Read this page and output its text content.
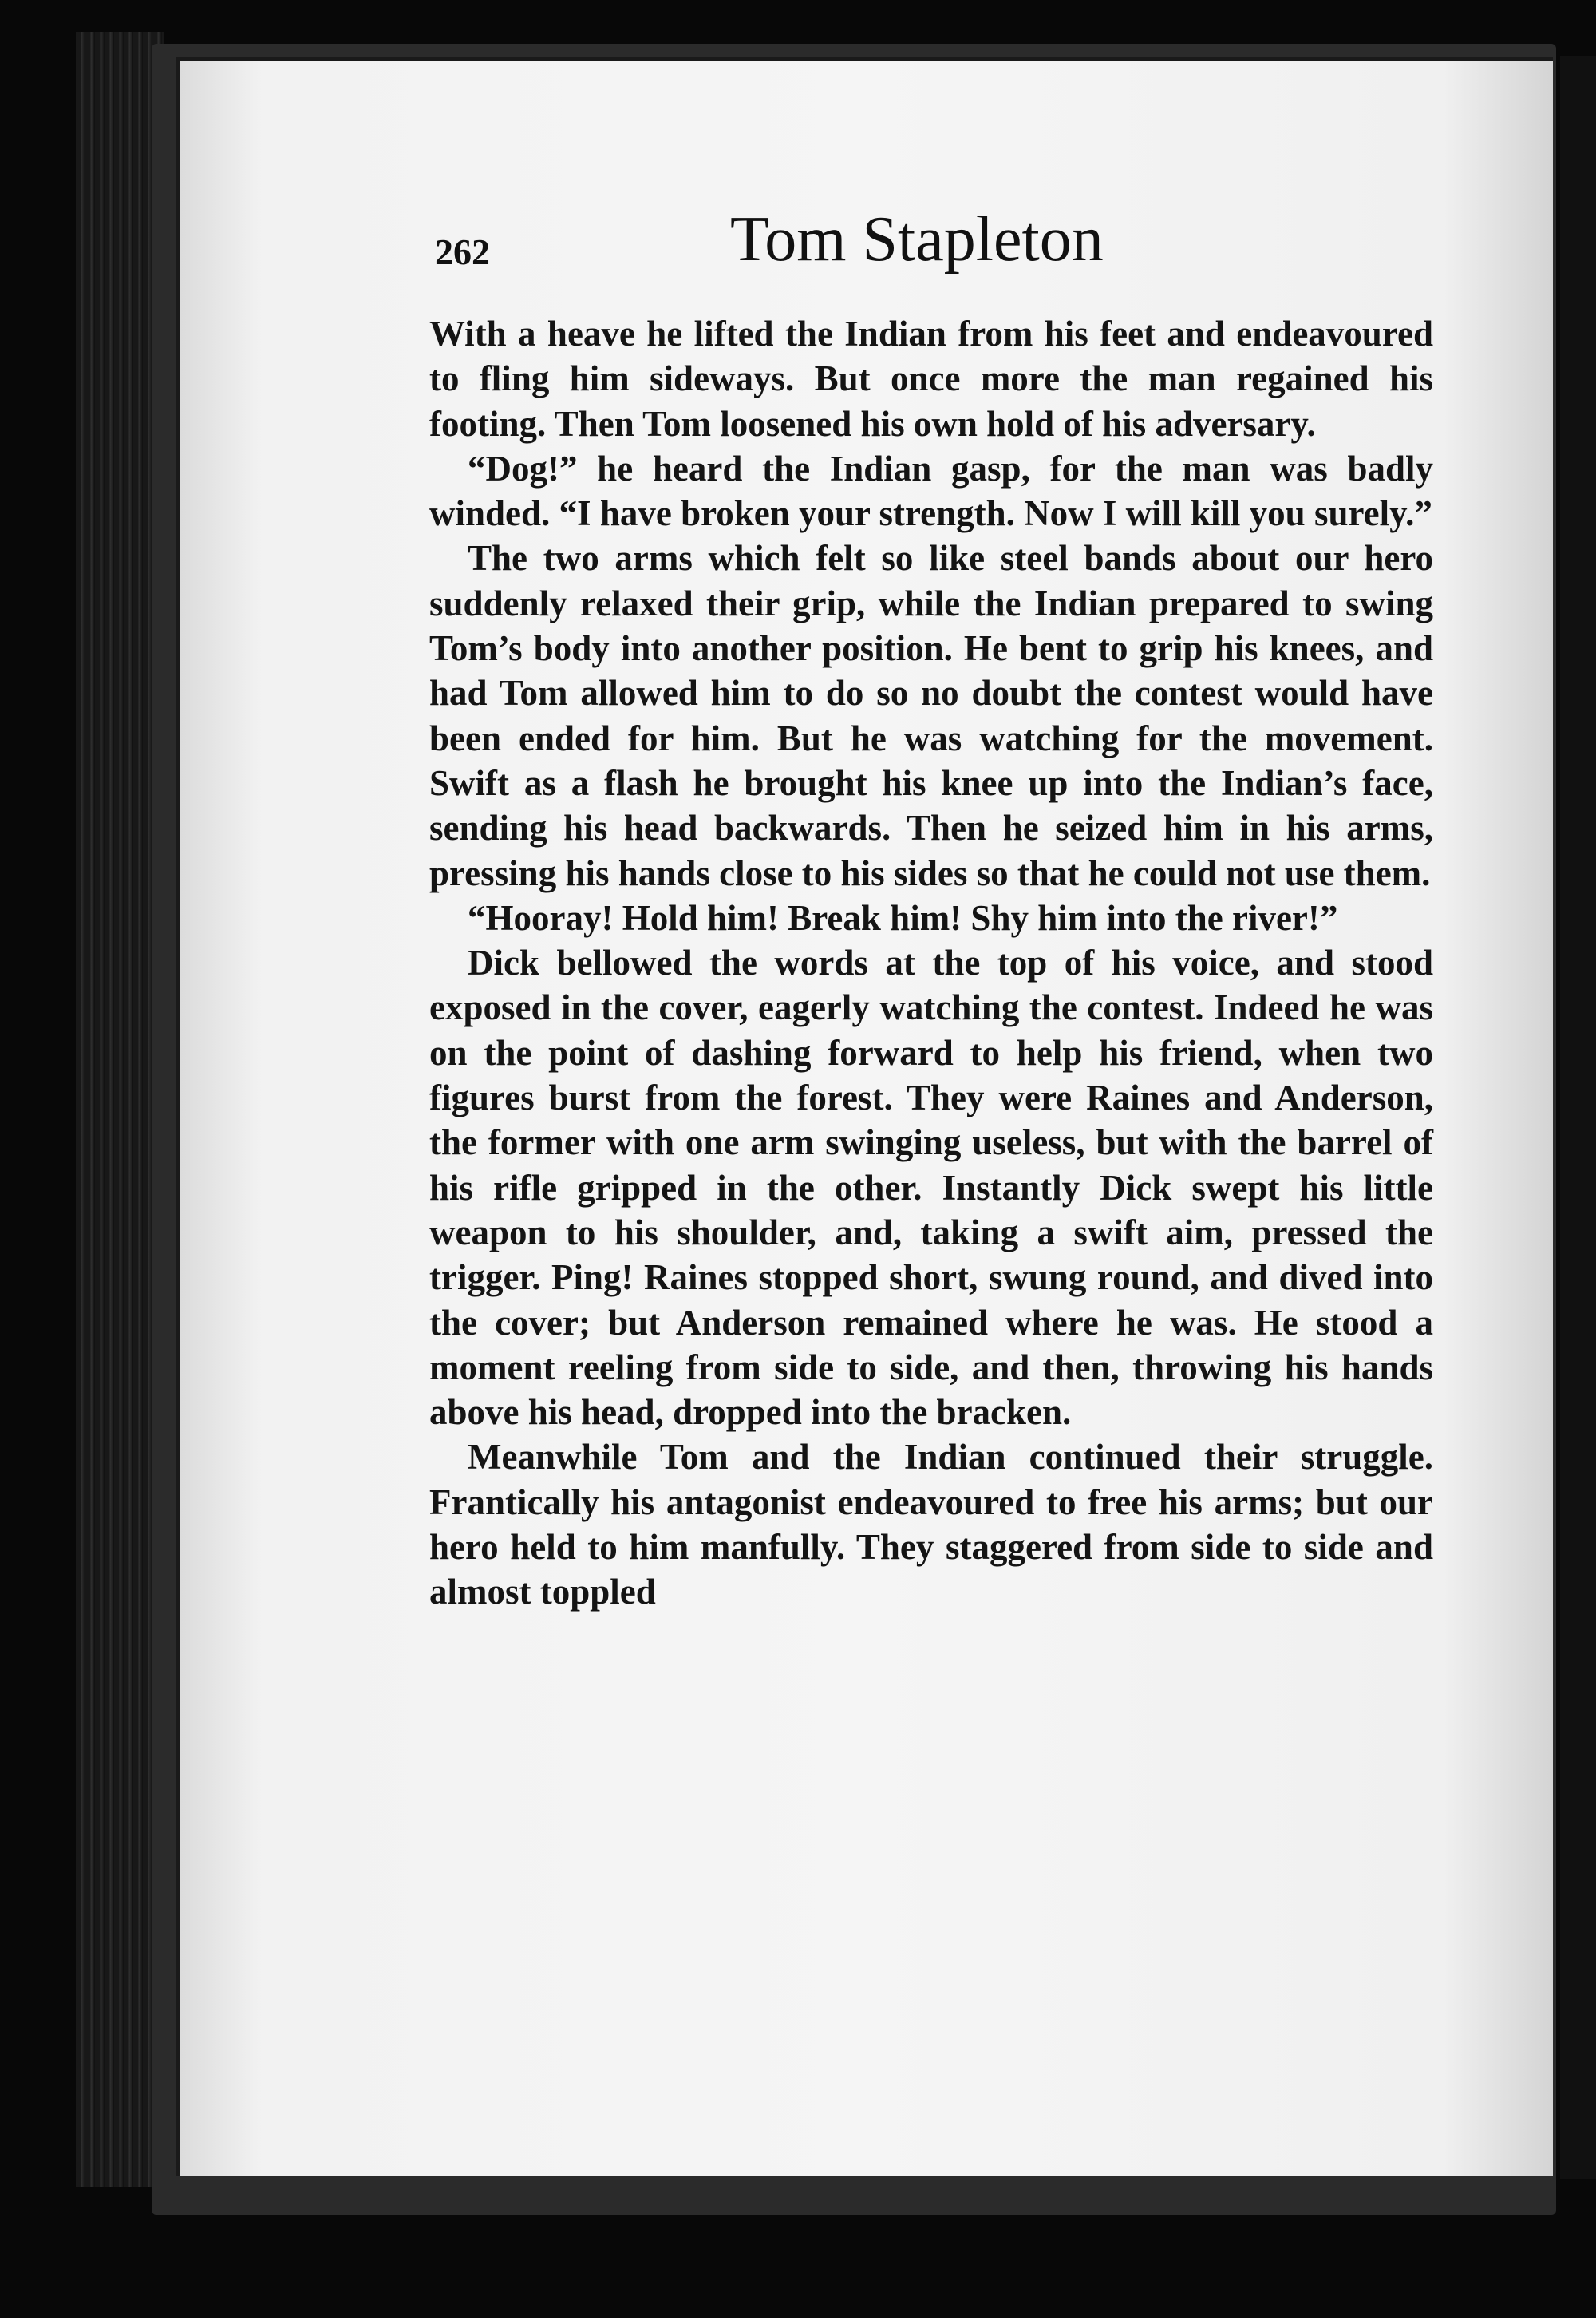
262	Tom Stapleton

With a heave he lifted the Indian from his feet and endeavoured to fling him sideways. But once more the man regained his footing. Then Tom loosened his own hold of his adversary.

“Dog!” he heard the Indian gasp, for the man was badly winded. “I have broken your strength. Now I will kill you surely.”

The two arms which felt so like steel bands about our hero suddenly relaxed their grip, while the Indian prepared to swing Tom’s body into another position. He bent to grip his knees, and had Tom allowed him to do so no doubt the contest would have been ended for him. But he was watching for the movement. Swift as a flash he brought his knee up into the Indian’s face, sending his head backwards. Then he seized him in his arms, pressing his hands close to his sides so that he could not use them.

“Hooray! Hold him! Break him! Shy him into the river!”

Dick bellowed the words at the top of his voice, and stood exposed in the cover, eagerly watching the contest. Indeed he was on the point of dashing forward to help his friend, when two figures burst from the forest. They were Raines and Anderson, the former with one arm swinging useless, but with the barrel of his rifle gripped in the other. Instantly Dick swept his little weapon to his shoulder, and, taking a swift aim, pressed the trigger. Ping! Raines stopped short, swung round, and dived into the cover; but Anderson remained where he was. He stood a moment reeling from side to side, and then, throwing his hands above his head, dropped into the bracken.

Meanwhile Tom and the Indian continued their struggle. Frantically his antagonist endeavoured to free his arms; but our hero held to him manfully. They staggered from side to side and almost toppled
